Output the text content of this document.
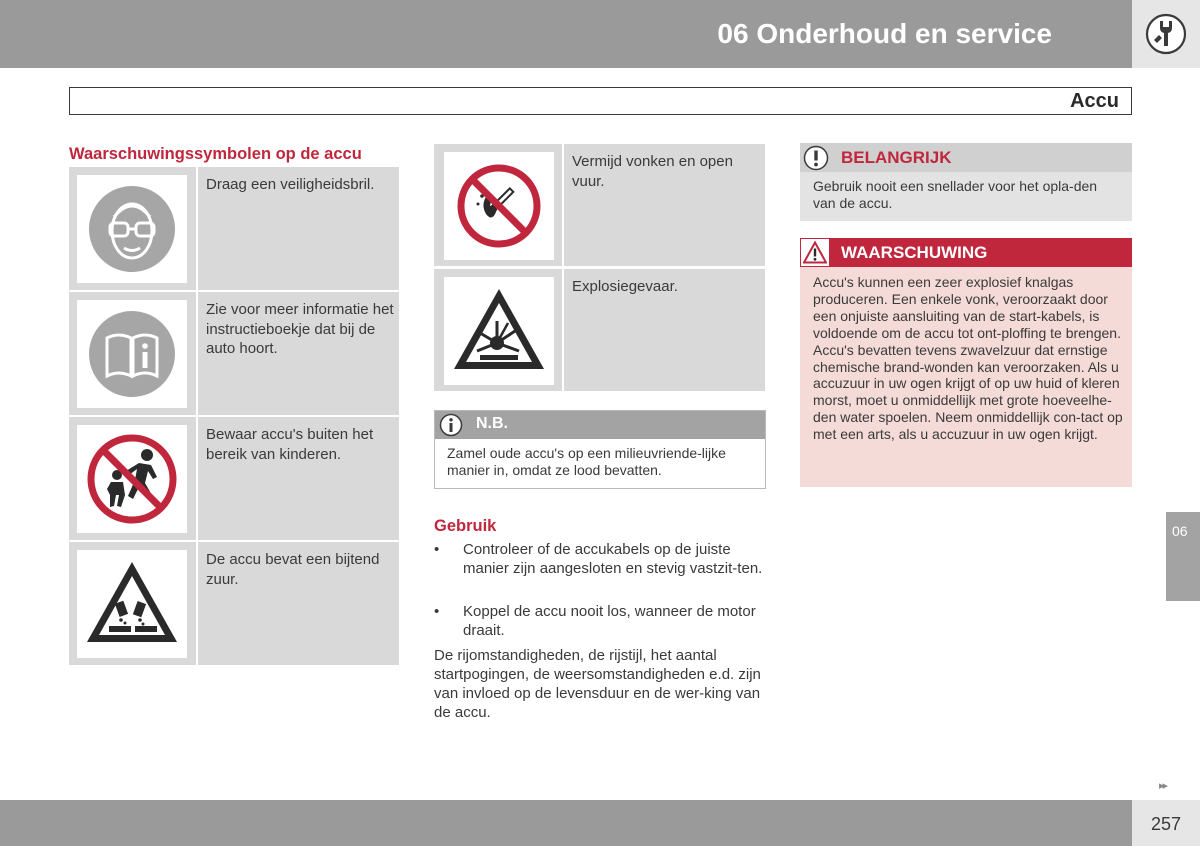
06 Onderhoud en service
Accu
Waarschuwingssymbolen op de accu
Draag een veiligheidsbril.
Zie voor meer informatie het instructieboekje dat bij de auto hoort.
Bewaar accu's buiten het bereik van kinderen.
De accu bevat een bijtend zuur.
Vermijd vonken en open vuur.
Explosiegevaar.
N.B.
Zamel oude accu's op een milieuvriende-lijke manier in, omdat ze lood bevatten.
Gebruik
•	Controleer of de accukabels op de juiste manier zijn aangesloten en stevig vastzit-ten.
•	Koppel de accu nooit los, wanneer de motor draait.
De rijomstandigheden, de rijstijl, het aantal startpogingen, de weersomstandigheden e.d. zijn van invloed op de levensduur en de wer-king van de accu.
BELANGRIJK
Gebruik nooit een snellader voor het opla-den van de accu.
WAARSCHUWING
Accu's kunnen een zeer explosief knalgas produceren. Een enkele vonk, veroorzaakt door een onjuiste aansluiting van de start-kabels, is voldoende om de accu tot ont-ploffing te brengen. Accu's bevatten tevens zwavelzuur dat ernstige chemische brand-wonden kan veroorzaken. Als u accuzuur in uw ogen krijgt of op uw huid of kleren morst, moet u onmiddellijk met grote hoeveelhe-den water spoelen. Neem onmiddellijk con-tact op met een arts, als u accuzuur in uw ogen krijgt.
06
▸▸
257
